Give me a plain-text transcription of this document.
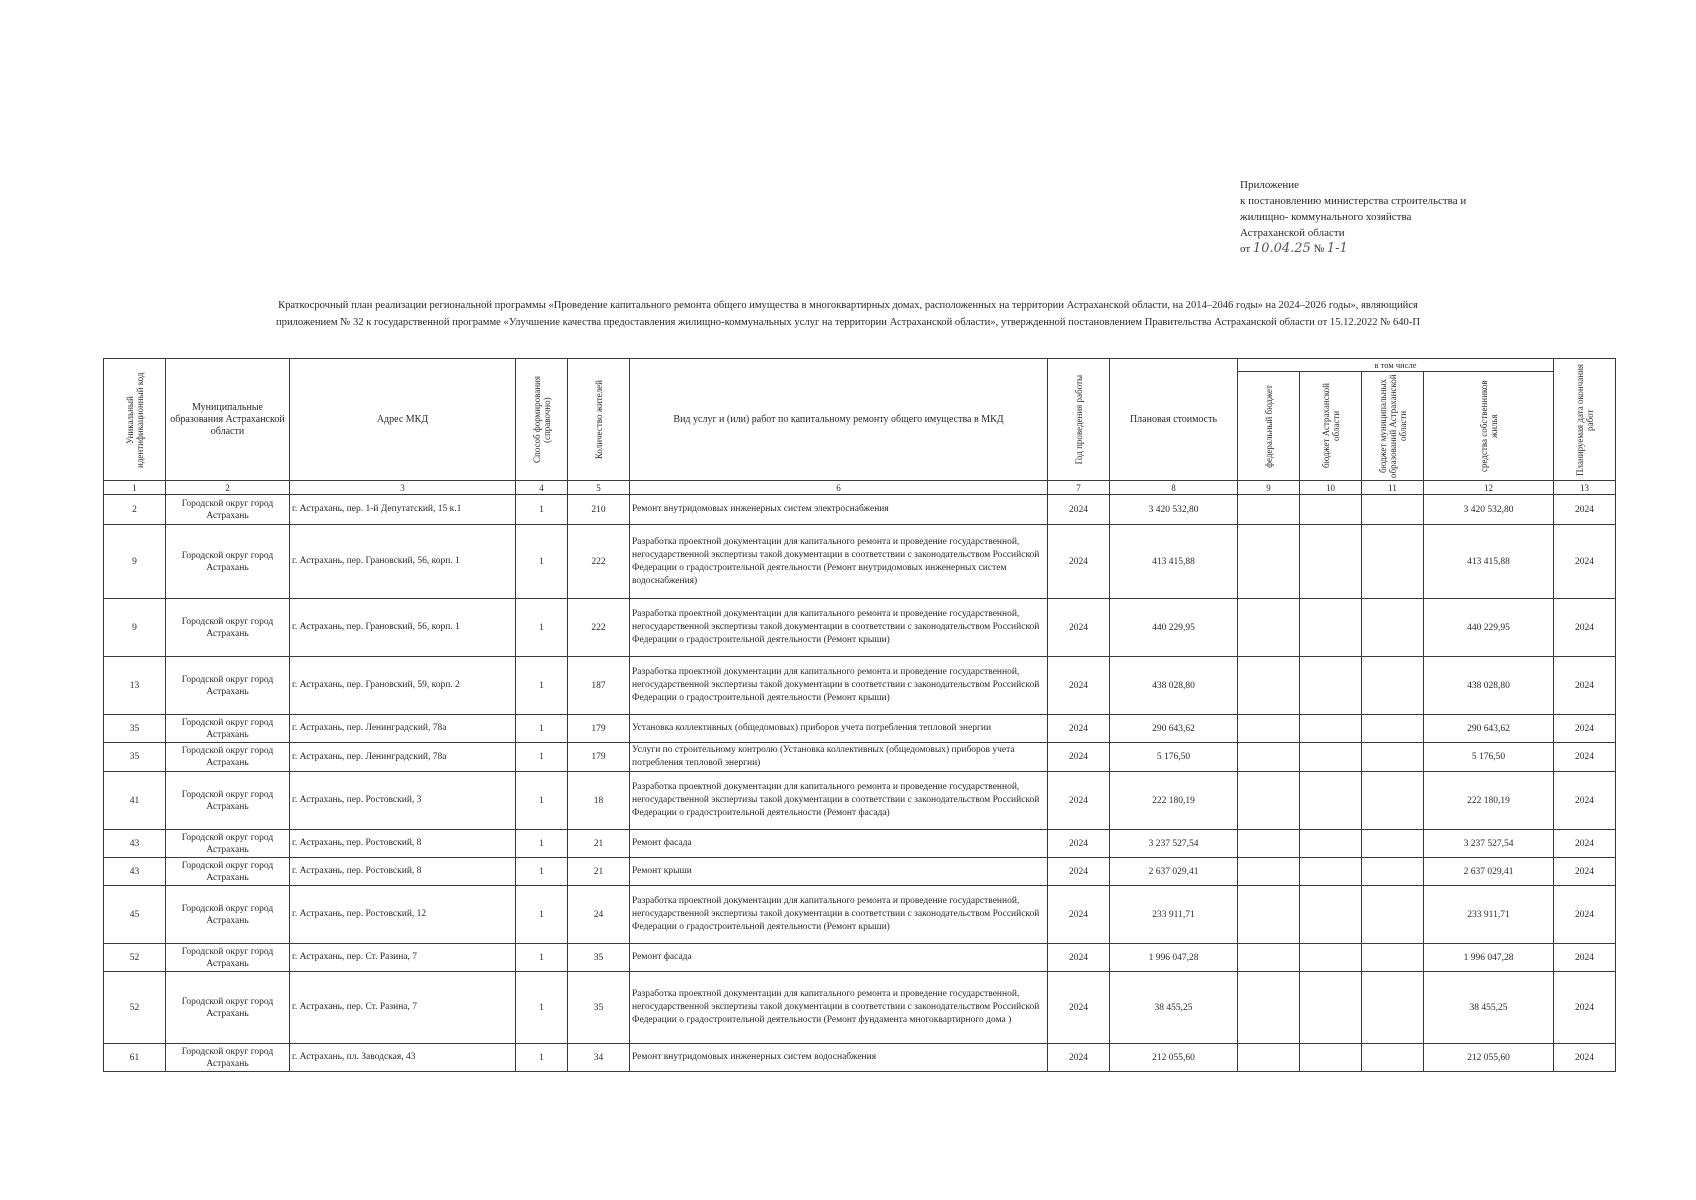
Приложение
к постановлению министерства строительства и
жилищно- коммунального хозяйства
Астраханской области
от 10.04.25 № 1-1
Краткосрочный план реализации региональной программы «Проведение капитального ремонта общего имущества в многоквартирных домах, расположенных на территории Астраханской области, на 2014–2046 годы» на 2024–2026 годы», являющийся
приложением № 32 к государственной программе «Улучшение качества предоставления жилищно-коммунальных услуг на территории Астраханской области», утвержденной постановлением Правительства Астраханской области от 15.12.2022 № 640-П
Уникальный идентификационный код	Муниципальные образования Астраханской области	Адрес МКД	Способ формирования (справочно)	Количество жителей	Вид услуг и (или) работ по капитальному ремонту общего имущества в МКД	Год проведения работы	Плановая стоимость	в том числе				Планируемая дата окончания работ

								федеральный бюджет	бюджет Астраханской области	бюджет муниципальных образований Астраханской области	средства собственников жилья	

1	2	3	4	5	6	7	8	9	10	11	12	13
2	Городской округ город Астрахань	г. Астрахань, пер. 1-й Депутатский, 15 к.1	1	210	Ремонт внутридомовых инженерных систем электроснабжения	2024	3 420 532,80				3 420 532,80	2024
9	Городской округ город Астрахань	г. Астрахань, пер. Грановский, 56, корп. 1	1	222	Разработка проектной документации для капитального ремонта и проведение государственной, негосударственной экспертизы такой документации в соответствии с законодательством Российской Федерации о градостроительной деятельности (Ремонт внутридомовых инженерных систем водоснабжения)	2024	413 415,88				413 415,88	2024
9	Городской округ город Астрахань	г. Астрахань, пер. Грановский, 56, корп. 1	1	222	Разработка проектной документации для капитального ремонта и проведение государственной, негосударственной экспертизы такой документации в соответствии с законодательством Российской Федерации о градостроительной деятельности (Ремонт крыши)	2024	440 229,95				440 229,95	2024
13	Городской округ город Астрахань	г. Астрахань, пер. Грановский, 59, корп. 2	1	187	Разработка проектной документации для капитального ремонта и проведение государственной, негосударственной экспертизы такой документации в соответствии с законодательством Российской Федерации о градостроительной деятельности (Ремонт крыши)	2024	438 028,80				438 028,80	2024
35	Городской округ город Астрахань	г. Астрахань, пер. Ленинградский, 78а	1	179	Установка коллективных (общедомовых) приборов учета потребления тепловой энергии	2024	290 643,62				290 643,62	2024
35	Городской округ город Астрахань	г. Астрахань, пер. Ленинградский, 78а	1	179	Услуги по строительному контролю (Установка коллективных (общедомовых) приборов учета потребления тепловой энергии)	2024	5 176,50				5 176,50	2024
41	Городской округ город Астрахань	г. Астрахань, пер. Ростовский, 3	1	18	Разработка проектной документации для капитального ремонта и проведение государственной, негосударственной экспертизы такой документации в соответствии с законодательством Российской Федерации о градостроительной деятельности (Ремонт фасада)	2024	222 180,19				222 180,19	2024
43	Городской округ город Астрахань	г. Астрахань, пер. Ростовский, 8	1	21	Ремонт фасада	2024	3 237 527,54				3 237 527,54	2024
43	Городской округ город Астрахань	г. Астрахань, пер. Ростовский, 8	1	21	Ремонт крыши	2024	2 637 029,41				2 637 029,41	2024
45	Городской округ город Астрахань	г. Астрахань, пер. Ростовский, 12	1	24	Разработка проектной документации для капитального ремонта и проведение государственной, негосударственной экспертизы такой документации в соответствии с законодательством Российской Федерации о градостроительной деятельности (Ремонт крыши)	2024	233 911,71				233 911,71	2024
52	Городской округ город Астрахань	г. Астрахань, пер. Ст. Разина, 7	1	35	Ремонт фасада	2024	1 996 047,28				1 996 047,28	2024
52	Городской округ город Астрахань	г. Астрахань, пер. Ст. Разина, 7	1	35	Разработка проектной документации для капитального ремонта и проведение государственной, негосударственной экспертизы такой документации в соответствии с законодательством Российской Федерации о градостроительной деятельности (Ремонт фундамента многоквартирного дома )	2024	38 455,25				38 455,25	2024
61	Городской округ город Астрахань	г. Астрахань, пл. Заводская, 43	1	34	Ремонт внутридомовых инженерных систем водоснабжения	2024	212 055,60				212 055,60	2024
